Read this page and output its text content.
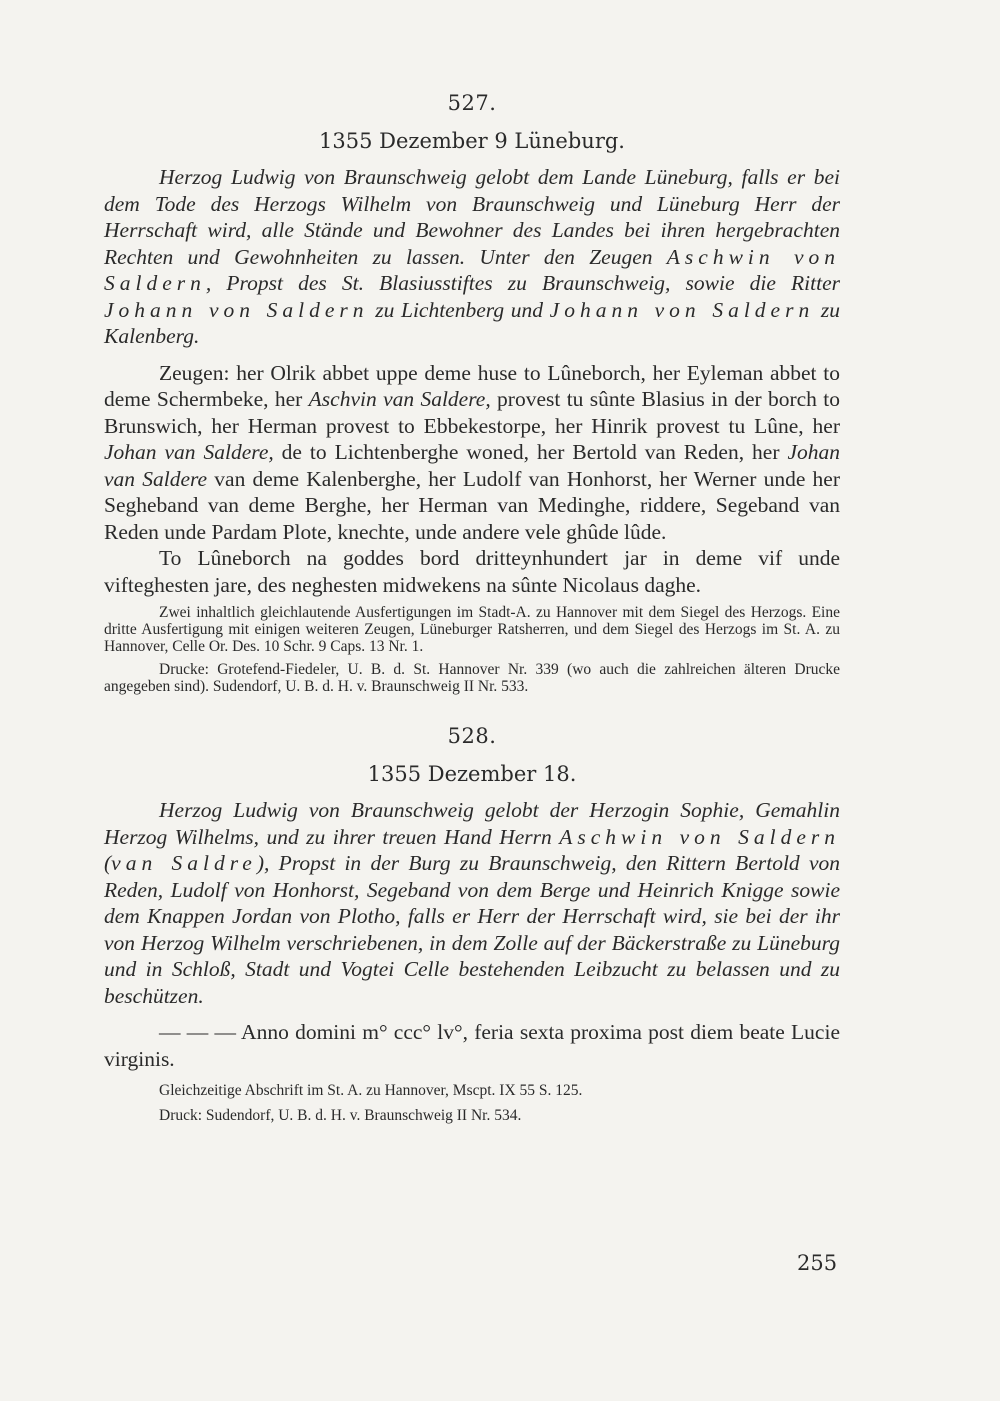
527.
1355 Dezember 9 Lüneburg.

Herzog Ludwig von Braunschweig gelobt dem Lande Lüneburg, falls er bei dem Tode des Herzogs Wilhelm von Braunschweig und Lüneburg Herr der Herrschaft wird, alle Stände und Bewohner des Landes bei ihren hergebrachten Rechten und Gewohnheiten zu lassen. Unter den Zeugen Aschwin von Saldern, Propst des St. Blasiusstiftes zu Braunschweig, sowie die Ritter Johann von Saldern zu Lichtenberg und Johann von Saldern zu Kalenberg.

Zeugen: her Olrik abbet uppe deme huse to Lûneborch, her Eyleman abbet to deme Schermbeke, her Aschvin van Saldere, provest tu sûnte Blasius in der borch to Brunswich, her Herman provest to Ebbekestorpe, her Hinrik provest tu Lûne, her Johan van Saldere, de to Lichtenberghe woned, her Bertold van Reden, her Johan van Saldere van deme Kalenberghe, her Ludolf van Honhorst, her Werner unde her Segheband van deme Berghe, her Herman van Medinghe, riddere, Segeband van Reden unde Pardam Plote, knechte, unde andere vele ghûde lûde.

To Lûneborch na goddes bord dritteynhundert jar in deme vif unde vifteghesten jare, des neghesten midwekens na sûnte Nicolaus daghe.

Zwei inhaltlich gleichlautende Ausfertigungen im Stadt-A. zu Hannover mit dem Siegel des Herzogs. Eine dritte Ausfertigung mit einigen weiteren Zeugen, Lüneburger Ratsherren, und dem Siegel des Herzogs im St. A. zu Hannover, Celle Or. Des. 10 Schr. 9 Caps. 13 Nr. 1.

Drucke: Grotefend-Fiedeler, U. B. d. St. Hannover Nr. 339 (wo auch die zahlreichen älteren Drucke angegeben sind). Sudendorf, U. B. d. H. v. Braunschweig II Nr. 533.

528.
1355 Dezember 18.

Herzog Ludwig von Braunschweig gelobt der Herzogin Sophie, Gemahlin Herzog Wilhelms, und zu ihrer treuen Hand Herrn Aschwin von Saldern (van Saldre), Propst in der Burg zu Braunschweig, den Rittern Bertold von Reden, Ludolf von Honhorst, Segeband von dem Berge und Heinrich Knigge sowie dem Knappen Jordan von Plotho, falls er Herr der Herrschaft wird, sie bei der ihr von Herzog Wilhelm verschriebenen, in dem Zolle auf der Bäckerstraße zu Lüneburg und in Schloß, Stadt und Vogtei Celle bestehenden Leibzucht zu belassen und zu beschützen.

— — — Anno domini m° ccc° lv°, feria sexta proxima post diem beate Lucie virginis.

Gleichzeitige Abschrift im St. A. zu Hannover, Mscpt. IX 55 S. 125.

Druck: Sudendorf, U. B. d. H. v. Braunschweig II Nr. 534.

255
